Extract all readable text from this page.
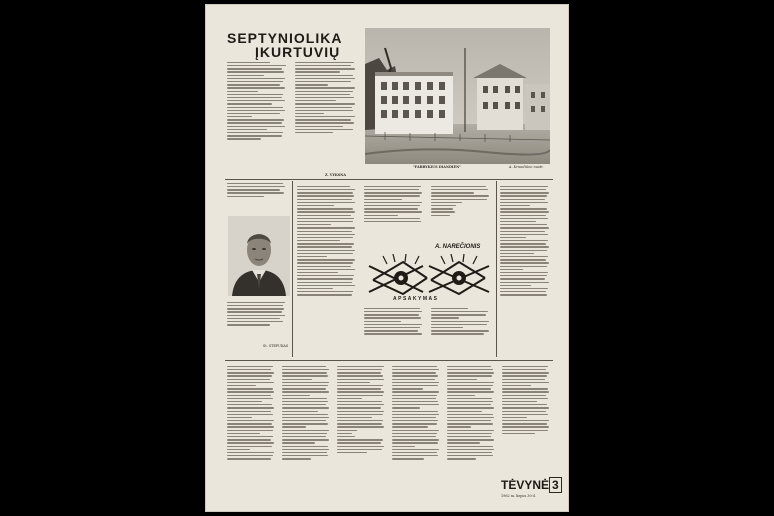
SEPTYNIOLIKA
ĮKURTUVIŲ
Z. VYKSNA
"FABRYKIUS DIANDIEN"	A. Kriaučiūno nuotr.
St. STEPUKAS
A. NAREČIONIS
APSAKYMAS
TĖVYNĖ 3
1962 m. liepos 30 d.
